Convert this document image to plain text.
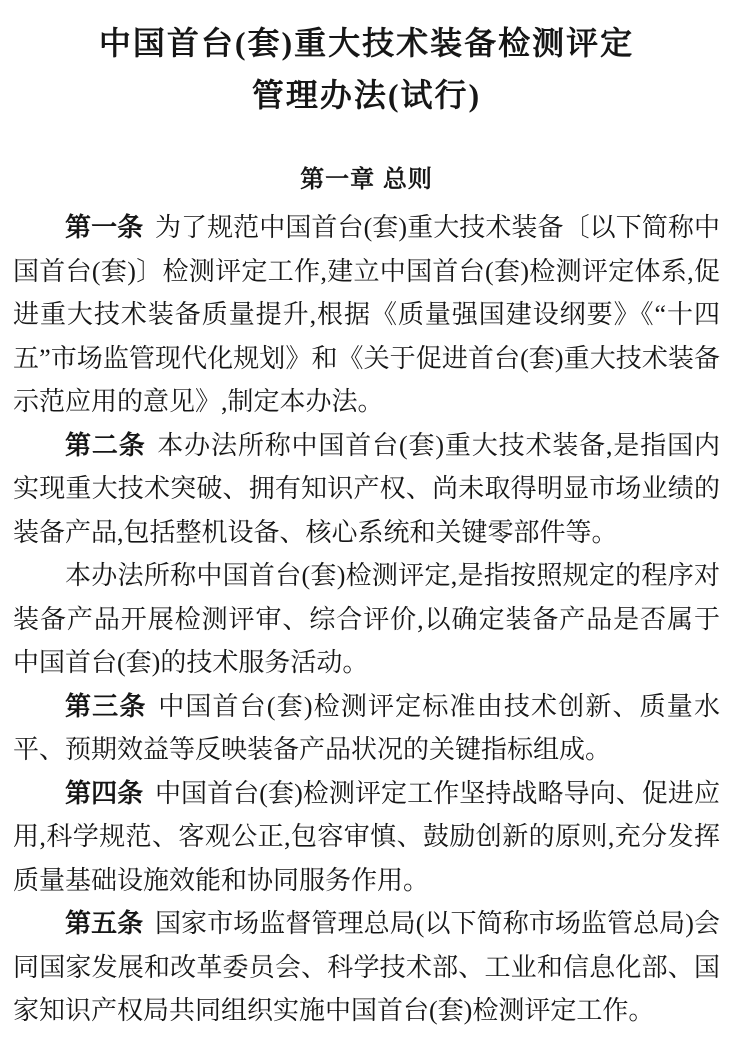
中国首台(套)重大技术装备检测评定
管理办法(试行)
第一章 总则

第一条 为了规范中国首台(套)重大技术装备〔以下简称中国首台(套)〕检测评定工作,建立中国首台(套)检测评定体系,促进重大技术装备质量提升,根据《质量强国建设纲要》《“十四五”市场监管现代化规划》和《关于促进首台(套)重大技术装备示范应用的意见》,制定本办法。

第二条 本办法所称中国首台(套)重大技术装备,是指国内实现重大技术突破、拥有知识产权、尚未取得明显市场业绩的装备产品,包括整机设备、核心系统和关键零部件等。

本办法所称中国首台(套)检测评定,是指按照规定的程序对装备产品开展检测评审、综合评价,以确定装备产品是否属于中国首台(套)的技术服务活动。

第三条 中国首台(套)检测评定标准由技术创新、质量水平、预期效益等反映装备产品状况的关键指标组成。

第四条 中国首台(套)检测评定工作坚持战略导向、促进应用,科学规范、客观公正,包容审慎、鼓励创新的原则,充分发挥质量基础设施效能和协同服务作用。

第五条 国家市场监督管理总局(以下简称市场监管总局)会同国家发展和改革委员会、科学技术部、工业和信息化部、国家知识产权局共同组织实施中国首台(套)检测评定工作。
